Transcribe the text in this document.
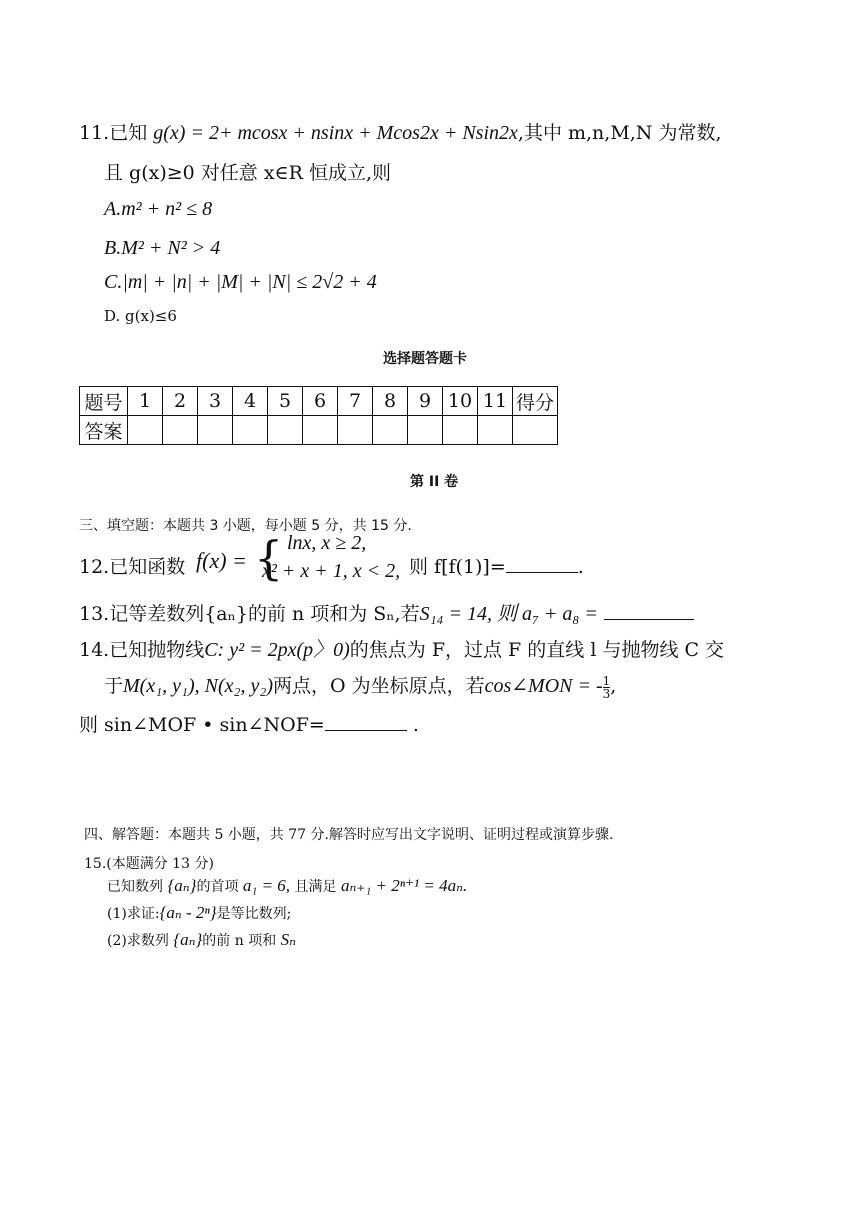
11.已知 g(x) = 2+ mcosx + nsinx + Mcos2x + Nsin2x,其中 m,n,M,N 为常数,
且 g(x)≥0 对任意 x∈R 恒成立,则
A.m² + n² ≤ 8
B.M² + N² > 4
C.|m| + |n| + |M| + |N| ≤ 2√2 + 4
D. g(x)≤6
选择题答题卡
题号	1	2	3	4	5	6	7	8	9	10	11	得分
答案												
第 II 卷
三、填空题：本题共 3 小题，每小题 5 分，共 15 分.
12.已知函数 f(x) = { lnx, x ≥ 2,
x² + x + 1, x < 2, 则 f[f(1)]=	.
13.记等差数列{aₙ}的前 n 项和为 Sₙ,若S₁₄ = 14, 则 a₇ + a₈ =
14.已知抛物线C: y² = 2px(p〉0)的焦点为 F，过点 F 的直线 l 与抛物线 C 交
于M(x₁, y₁), N(x₂, y₂)两点，O 为坐标原点，若cos∠MON = - $\frac{1}{3}$ ,
则 sin∠MOF • sin∠NOF=	.
四、解答题：本题共 5 小题，共 77 分.解答时应写出文字说明、证明过程或演算步骤.
15.(本题满分 13 分)
已知数列 {aₙ}的首项 a₁ = 6, 且满足 aₙ₊₁ + 2ⁿ⁺¹ = 4aₙ.
(1)求证:{aₙ - 2ⁿ}是等比数列;
(2)求数列 {aₙ}的前 n 项和 Sₙ
